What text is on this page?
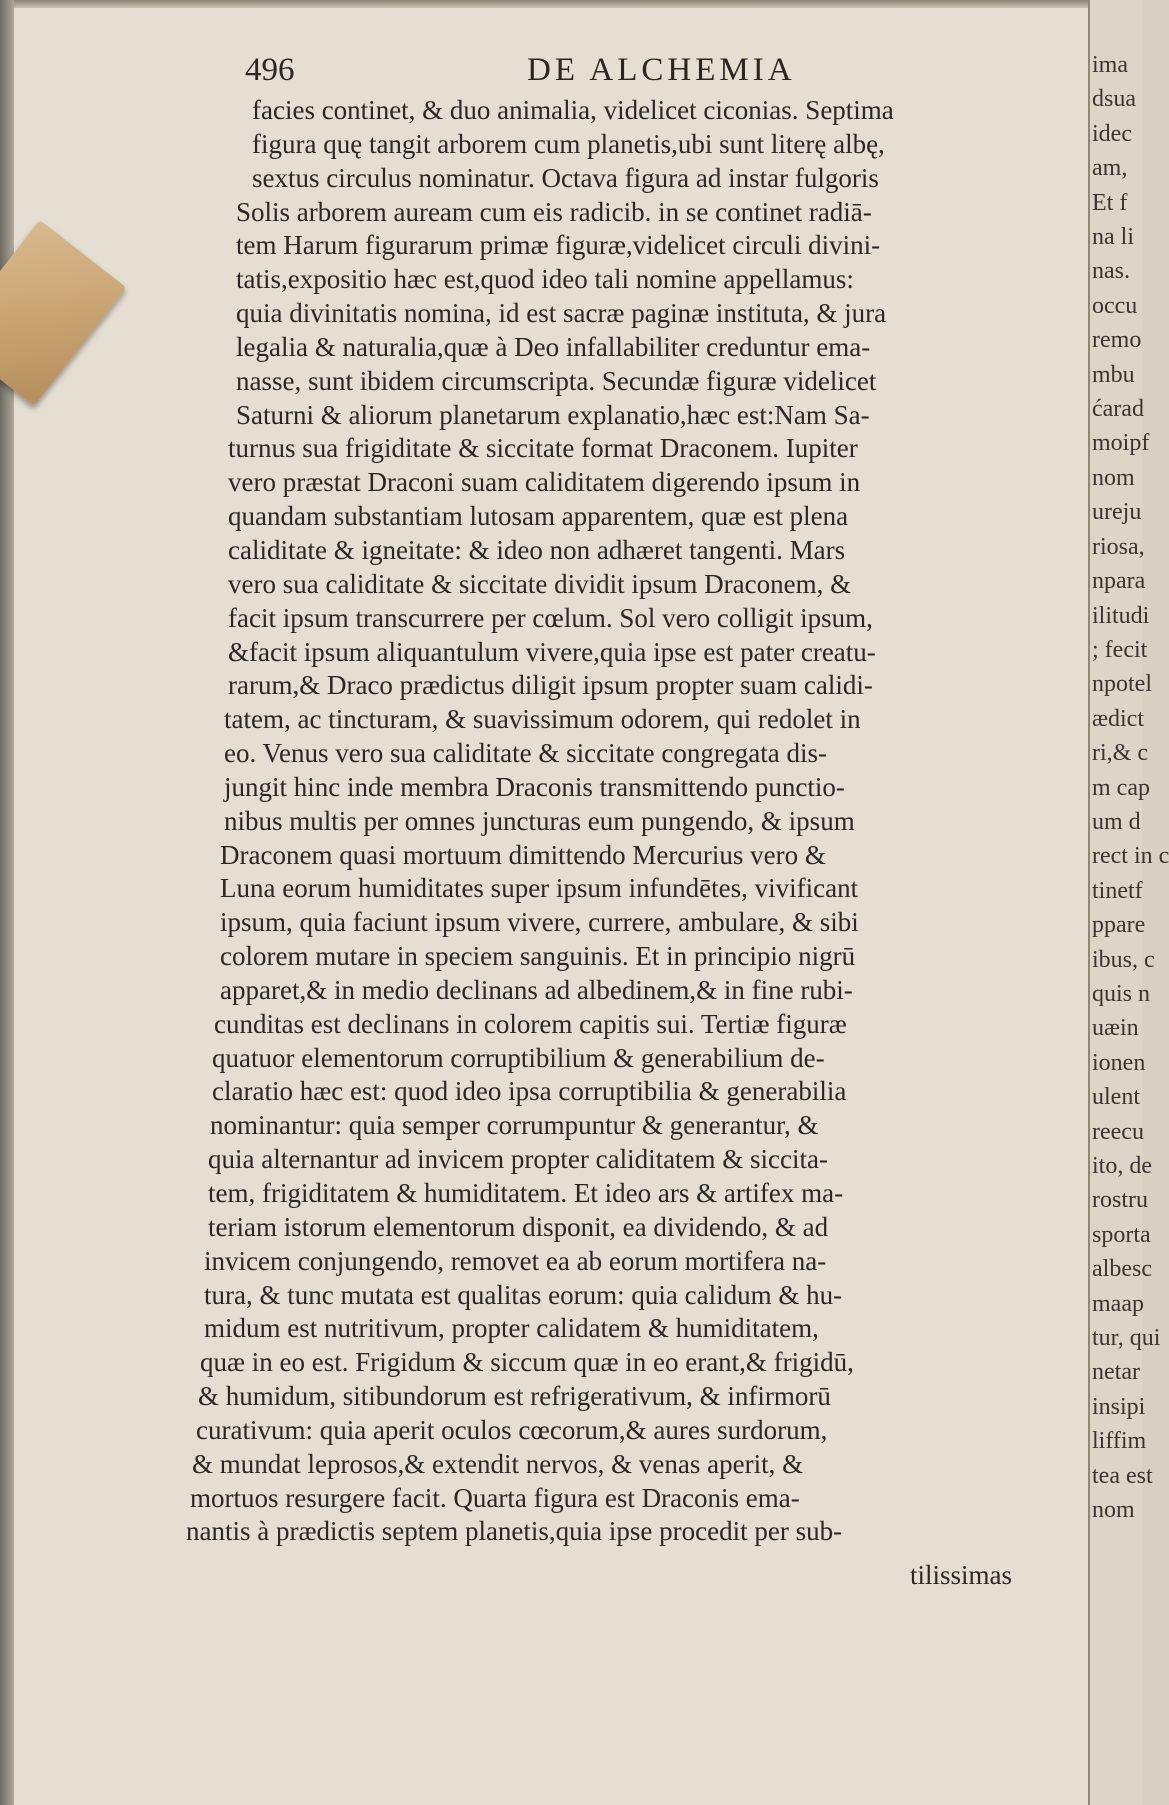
ima
dsua
idec
am,
Et f
na li
nas.
occu
remo
mbu
ćarad
moipf
nom
ureju
riosa,
npara
ilitudi
; fecit
npotel
ædict
ri,& c
m cap
um d
rect in c
tinetf
ppare
ibus, c
quis n
uæin
ionen
ulent
reecu
ito, de
rostru
sporta
albesc
maap
tur, qui
netar
insipi
liffim
tea est
nom
496	DE ALCHEMIA
facies continet, & duo animalia, videlicet ciconias. Septima
figura quę tangit arborem cum planetis,ubi sunt literę albę,
sextus circulus nominatur. Octava figura ad instar fulgoris
Solis arborem auream cum eis radicib. in se continet radiā-
tem Harum figurarum primæ figuræ,videlicet circuli divini-
tatis,expositio hæc est,quod ideo tali nomine appellamus:
quia divinitatis nomina, id est sacræ paginæ instituta, & jura
legalia & naturalia,quæ à Deo infallabiliter creduntur ema-
nasse, sunt ibidem circumscripta. Secundæ figuræ videlicet
Saturni & aliorum planetarum explanatio,hæc est:Nam Sa-
turnus sua frigiditate & siccitate format Draconem. Iupiter
vero præstat Draconi suam caliditatem digerendo ipsum in
quandam substantiam lutosam apparentem, quæ est plena
caliditate & igneitate: & ideo non adhæret tangenti. Mars
vero sua caliditate & siccitate dividit ipsum Draconem, &
facit ipsum transcurrere per cœlum. Sol vero colligit ipsum,
&facit ipsum aliquantulum vivere,quia ipse est pater creatu-
rarum,& Draco prædictus diligit ipsum propter suam calidi-
tatem, ac tincturam, & suavissimum odorem, qui redolet in
eo. Venus vero sua caliditate & siccitate congregata dis-
jungit hinc inde membra Draconis transmittendo punctio-
nibus multis per omnes juncturas eum pungendo, & ipsum
Draconem quasi mortuum dimittendo Mercurius vero &
Luna eorum humiditates super ipsum infundētes, vivificant
ipsum, quia faciunt ipsum vivere, currere, ambulare, & sibi
colorem mutare in speciem sanguinis. Et in principio nigrū
apparet,& in medio declinans ad albedinem,& in fine rubi-
cunditas est declinans in colorem capitis sui. Tertiæ figuræ
quatuor elementorum corruptibilium & generabilium de-
claratio hæc est: quod ideo ipsa corruptibilia & generabilia
nominantur: quia semper corrumpuntur & generantur, &
quia alternantur ad invicem propter caliditatem & siccita-
tem, frigiditatem & humiditatem. Et ideo ars & artifex ma-
teriam istorum elementorum disponit, ea dividendo, & ad
invicem conjungendo, removet ea ab eorum mortifera na-
tura, & tunc mutata est qualitas eorum: quia calidum & hu-
midum est nutritivum, propter calidatem & humiditatem,
quæ in eo est. Frigidum & siccum quæ in eo erant,& frigidū,
& humidum, sitibundorum est refrigerativum, & infirmorū
curativum: quia aperit oculos cœcorum,& aures surdorum,
& mundat leprosos,& extendit nervos, & venas aperit, &
mortuos resurgere facit. Quarta figura est Draconis ema-
nantis à prædictis septem planetis,quia ipse procedit per sub-
tilissimas
